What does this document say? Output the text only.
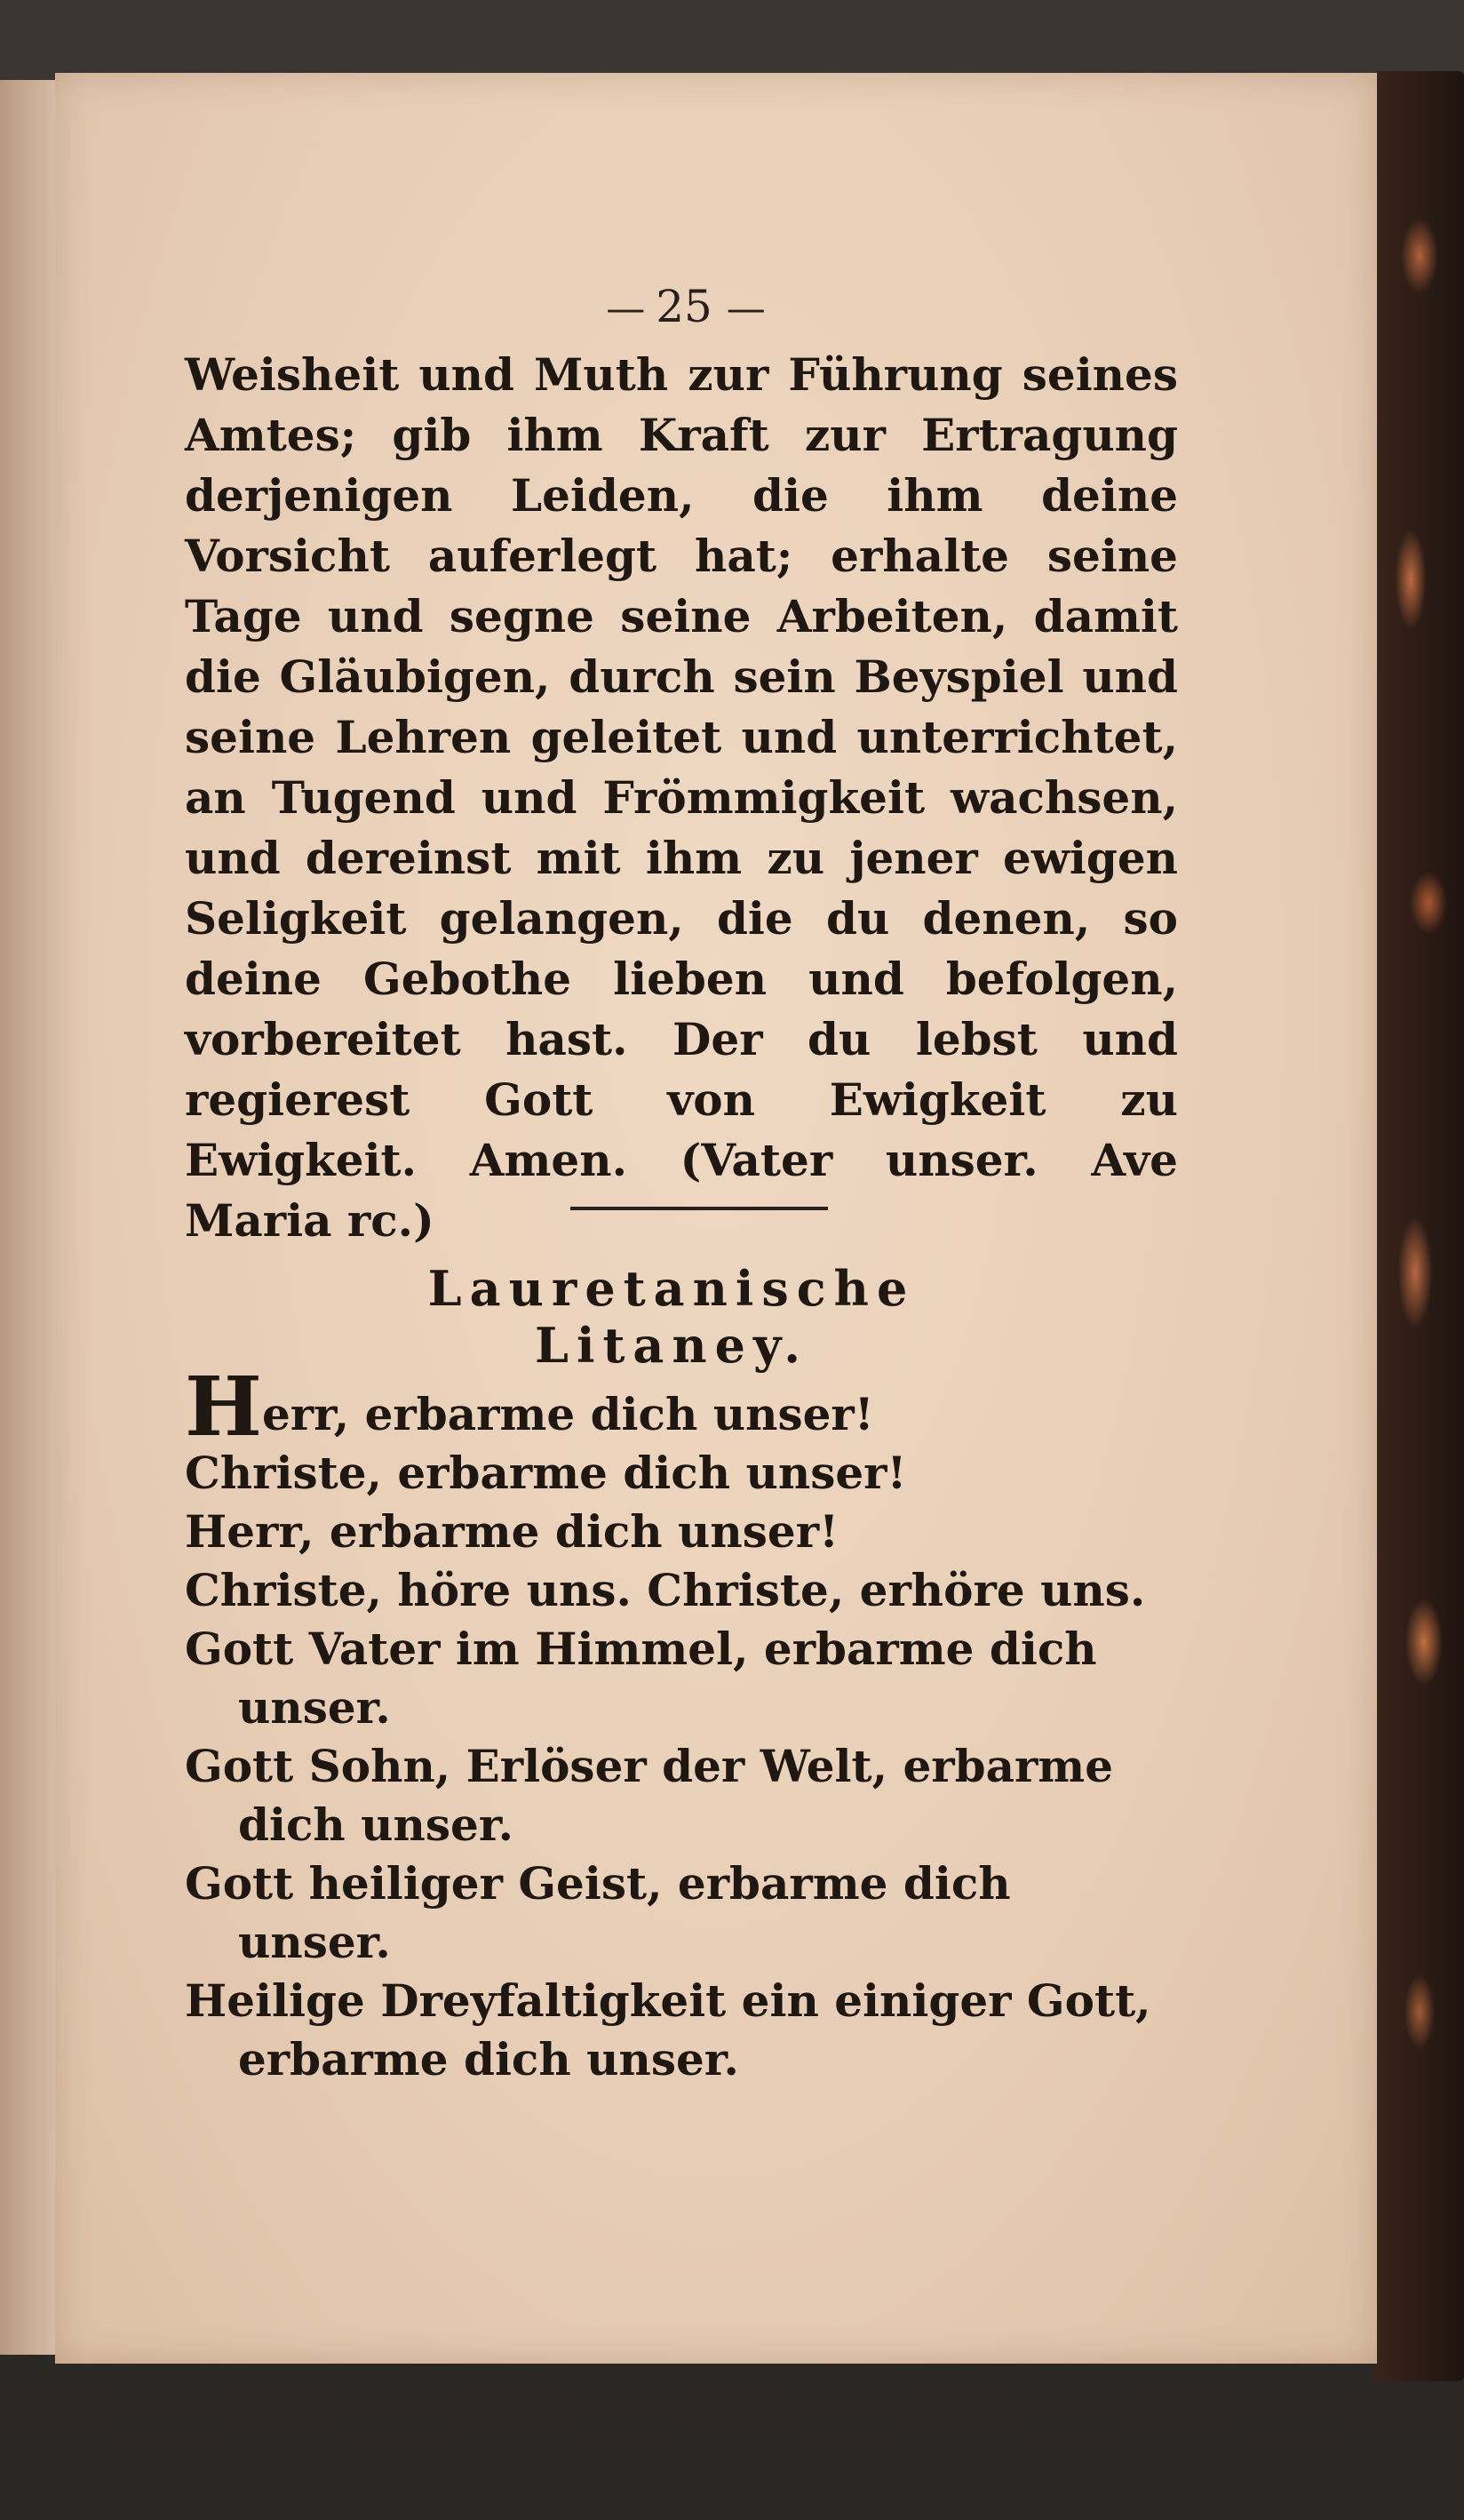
— 25 —

Weisheit und Muth zur Führung seines Amtes; gib ihm Kraft zur Ertragung derjenigen Leiden, die ihm deine Vorsicht auferlegt hat; erhalte seine Tage und segne seine Arbeiten, damit die Gläubigen, durch sein Beyspiel und seine Lehren geleitet und unterrichtet, an Tugend und Frömmigkeit wachsen, und dereinst mit ihm zu jener ewigen Seligkeit gelangen, die du denen, so deine Gebothe lieben und befolgen, vorbereitet hast. Der du lebst und regierest Gott von Ewigkeit zu Ewigkeit. Amen. (Vater unser. Ave Maria rc.)

Lauretanische Litaney.
Herr, erbarme dich unser!
Christe, erbarme dich unser!
Herr, erbarme dich unser!
Christe, höre uns. Christe, erhöre uns.
Gott Vater im Himmel, erbarme dich unser.
Gott Sohn, Erlöser der Welt, erbarme dich unser.
Gott heiliger Geist, erbarme dich unser.
Heilige Dreyfaltigkeit ein einiger Gott, erbarme dich unser.
